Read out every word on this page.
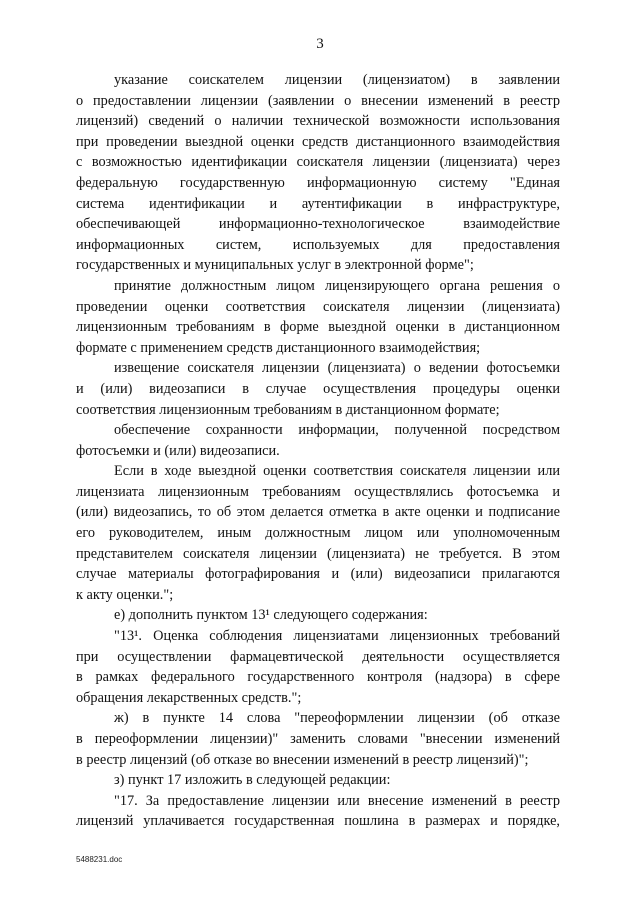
3
указание соискателем лицензии (лицензиатом) в заявлении
о предоставлении лицензии (заявлении о внесении изменений в реестр
лицензий) сведений о наличии технической возможности использования
при проведении выездной оценки средств дистанционного взаимодействия
с возможностью идентификации соискателя лицензии (лицензиата) через
федеральную государственную информационную систему "Единая
система идентификации и аутентификации в инфраструктуре,
обеспечивающей информационно-технологическое взаимодействие
информационных систем, используемых для предоставления
государственных и муниципальных услуг в электронной форме";
принятие должностным лицом лицензирующего органа решения о
проведении оценки соответствия соискателя лицензии (лицензиата)
лицензионным требованиям в форме выездной оценки в дистанционном
формате с применением средств дистанционного взаимодействия;
извещение соискателя лицензии (лицензиата) о ведении фотосъемки
и (или) видеозаписи в случае осуществления процедуры оценки
соответствия лицензионным требованиям в дистанционном формате;
обеспечение сохранности информации, полученной посредством
фотосъемки и (или) видеозаписи.
Если в ходе выездной оценки соответствия соискателя лицензии или
лицензиата лицензионным требованиям осуществлялись фотосъемка и
(или) видеозапись, то об этом делается отметка в акте оценки и подписание
его руководителем, иным должностным лицом или уполномоченным
представителем соискателя лицензии (лицензиата) не требуется. В этом
случае материалы фотографирования и (или) видеозаписи прилагаются
к акту оценки.";
е) дополнить пунктом 13¹ следующего содержания:
"13¹. Оценка соблюдения лицензиатами лицензионных требований
при осуществлении фармацевтической деятельности осуществляется
в рамках федерального государственного контроля (надзора) в сфере
обращения лекарственных средств.";
ж) в пункте 14 слова "переоформлении лицензии (об отказе
в переоформлении лицензии)" заменить словами "внесении изменений
в реестр лицензий (об отказе во внесении изменений в реестр лицензий)";
з) пункт 17 изложить в следующей редакции:
"17. За предоставление лицензии или внесение изменений в реестр
лицензий уплачивается государственная пошлина в размерах и порядке,
5488231.doc
